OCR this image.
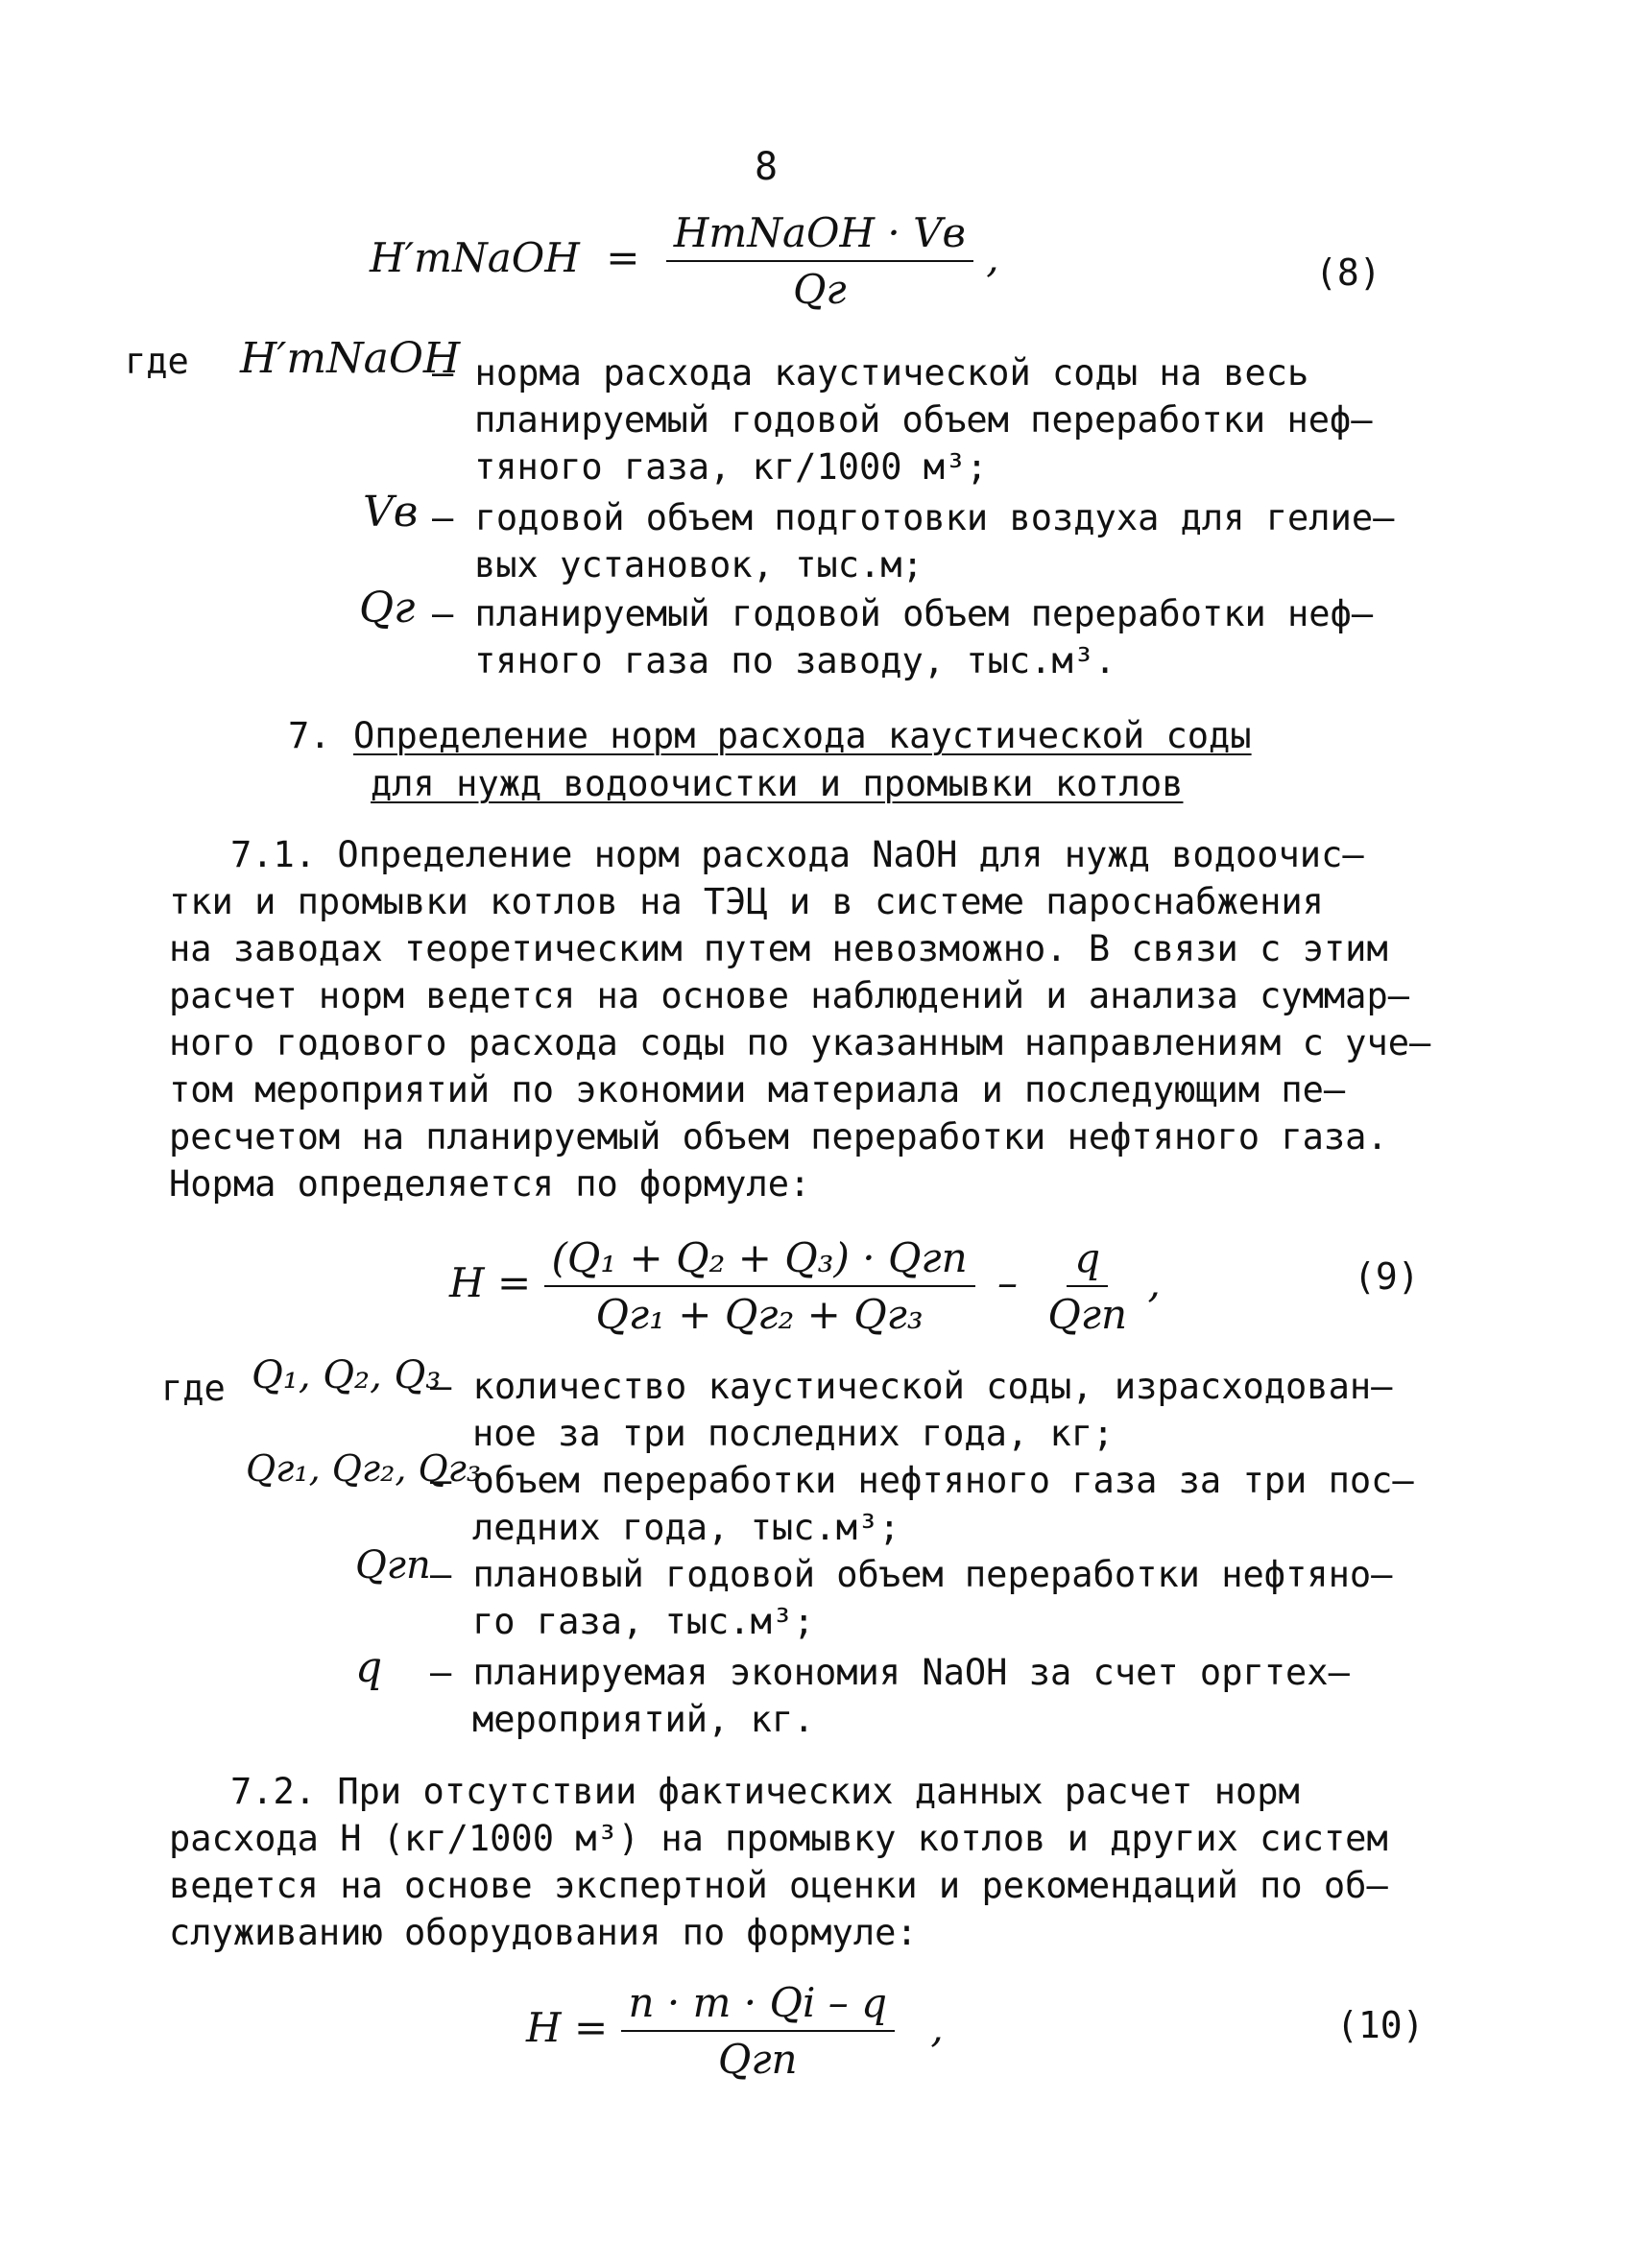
8
H′тNaOH = $\frac{\text{HтNaOH · Vв}}{Qг}$ ,	(8)
где H′тNaOH
– норма расхода каустической соды на весь
планируемый годовой объем переработки неф–
тяного газа, кг/1000 м³;
Vв – годовой объем подготовки воздуха для гелие–
вых установок, тыс.м;
Qг – планируемый годовой объем переработки неф–
тяного газа по заводу, тыс.м³.
7. Определение норм расхода каустической соды
для нужд водоочистки и промывки котлов
7.1. Определение норм расхода NaOH для нужд водоочис–
тки и промывки котлов на ТЭЦ и в системе пароснабжения
на заводах теоретическим путем невозможно. В связи с этим
расчет норм ведется на основе наблюдений и анализа суммар–
ного годового расхода соды по указанным направлениям с уче–
том мероприятий по экономии материала и последующим пе–
ресчетом на планируемый объем переработки нефтяного газа.
Норма определяется по формуле:
$H = \frac{\text{(Q₁ + Q₂ + Q₃) · Qгп}}{\text{Qг₁ + Qг₂ + Qг₃}} - \frac{q}{\text{Qгп}}$ ,	(9)
где Q₁, Q₂, Q₃
– количество каустической соды, израсходован–
ное за три последних года, кг;
Qг₁, Qг₂, Qг₃
– объем переработки нефтяного газа за три пос–
ледних года, тыс.м³;
Qгп – плановый годовой объем переработки нефтяно–
го газа, тыс.м³;
q – планируемая экономия NaOH за счет оргтех–
мероприятий, кг.
7.2. При отсутствии фактических данных расчет норм
расхода H (кг/1000 м³) на промывку котлов и других систем
ведется на основе экспертной оценки и рекомендаций по об–
служиванию оборудования по формуле:
$H = \frac{n \cdot m \cdot Qi - q}{\text{Qгп}}$ ,	(10)
